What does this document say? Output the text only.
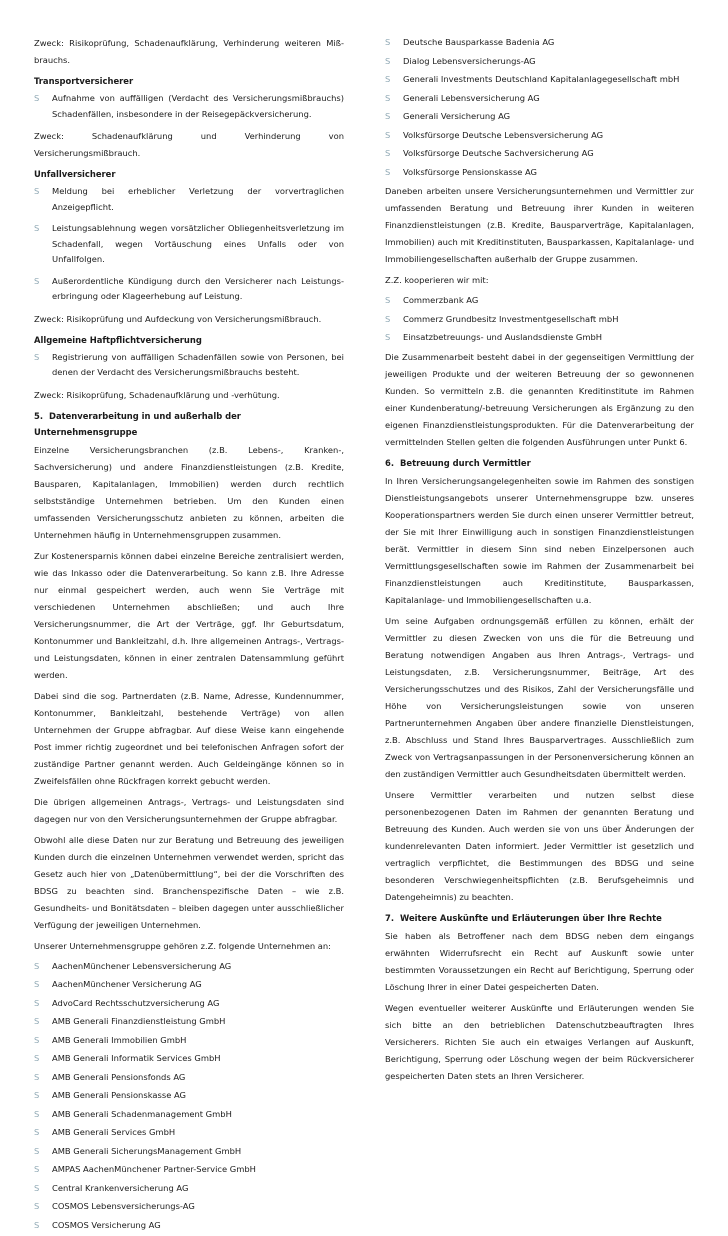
Zweck: Risikoprüfung, Schadenaufklärung, Verhinderung weiteren Mißbrauchs.

Transportversicherer
S Aufnahme von auffälligen (Verdacht des Versicherungsmißbrauchs) Schadenfällen, insbesondere in der Reisegepäckversicherung.

Zweck: Schadenaufklärung und Verhinderung von Versicherungsmißbrauch.

Unfallversicherer
S Meldung bei erheblicher Verletzung der vorvertraglichen Anzeigepflicht.
S Leistungsablehnung wegen vorsätzlicher Obliegenheitsverletzung im Schadenfall, wegen Vortäuschung eines Unfalls oder von Unfallfolgen.
S Außerordentliche Kündigung durch den Versicherer nach Leistungserbringung oder Klageerhebung auf Leistung.

Zweck: Risikoprüfung und Aufdeckung von Versicherungsmißbrauch.

Allgemeine Haftpflichtversicherung
S Registrierung von auffälligen Schadenfällen sowie von Personen, bei denen der Verdacht des Versicherungsmißbrauchs besteht.

Zweck: Risikoprüfung, Schadenaufklärung und -verhütung.

5. Datenverarbeitung in und außerhalb der Unternehmensgruppe

Einzelne Versicherungsbranchen (z.B. Lebens-, Kranken-, Sachversicherung) und andere Finanzdienstleistungen (z.B. Kredite, Bausparen, Kapitalanlagen, Immobilien) werden durch rechtlich selbstständige Unternehmen betrieben. Um den Kunden einen umfassenden Versicherungsschutz anbieten zu können, arbeiten die Unternehmen häufig in Unternehmensgruppen zusammen.

Zur Kostenersparnis können dabei einzelne Bereiche zentralisiert werden, wie das Inkasso oder die Datenverarbeitung. So kann z.B. Ihre Adresse nur einmal gespeichert werden, auch wenn Sie Verträge mit verschiedenen Unternehmen abschließen; und auch Ihre Versicherungsnummer, die Art der Verträge, ggf. Ihr Geburtsdatum, Kontonummer und Bankleitzahl, d.h. Ihre allgemeinen Antrags-, Vertrags- und Leistungsdaten, können in einer zentralen Datensammlung geführt werden.

Dabei sind die sog. Partnerdaten (z.B. Name, Adresse, Kundennummer, Kontonummer, Bankleitzahl, bestehende Verträge) von allen Unternehmen der Gruppe abfragbar. Auf diese Weise kann eingehende Post immer richtig zugeordnet und bei telefonischen Anfragen sofort der zuständige Partner genannt werden. Auch Geldeingänge können so in Zweifelsfällen ohne Rückfragen korrekt gebucht werden.

Die übrigen allgemeinen Antrags-, Vertrags- und Leistungsdaten sind dagegen nur von den Versicherungsunternehmen der Gruppe abfragbar.

Obwohl alle diese Daten nur zur Beratung und Betreuung des jeweiligen Kunden durch die einzelnen Unternehmen verwendet werden, spricht das Gesetz auch hier von „Datenübermittlung“, bei der die Vorschriften des BDSG zu beachten sind. Branchenspezifische Daten – wie z.B. Gesundheits- und Bonitätsdaten – bleiben dagegen unter ausschließlicher Verfügung der jeweiligen Unternehmen.

Unserer Unternehmensgruppe gehören z.Z. folgende Unternehmen an:

S AachenMünchener Lebensversicherung AG
S AachenMünchener Versicherung AG
S AdvoCard Rechtsschutzversicherung AG
S AMB Generali Finanzdienstleistung GmbH
S AMB Generali Immobilien GmbH
S AMB Generali Informatik Services GmbH
S AMB Generali Pensionsfonds AG
S AMB Generali Pensionskasse AG
S AMB Generali Schadenmanagement GmbH
S AMB Generali Services GmbH
S AMB Generali SicherungsManagement GmbH
S AMPAS AachenMünchener Partner-Service GmbH
S Central Krankenversicherung AG
S COSMOS Lebensversicherungs-AG
S COSMOS Versicherung AG
S Deutsche Bausparkasse Badenia AG
S Dialog Lebensversicherungs-AG
S Generali Investments Deutschland Kapitalanlagegesellschaft mbH
S Generali Lebensversicherung AG
S Generali Versicherung AG
S Volksfürsorge Deutsche Lebensversicherung AG
S Volksfürsorge Deutsche Sachversicherung AG
S Volksfürsorge Pensionskasse AG

Daneben arbeiten unsere Versicherungsunternehmen und Vermittler zur umfassenden Beratung und Betreuung ihrer Kunden in weiteren Finanzdienstleistungen (z.B. Kredite, Bausparverträge, Kapitalanlagen, Immobilien) auch mit Kreditinstituten, Bausparkassen, Kapitalanlage- und Immobiliengesellschaften außerhalb der Gruppe zusammen.

Z.Z. kooperieren wir mit:

S Commerzbank AG
S Commerz Grundbesitz Investmentgesellschaft mbH
S Einsatzbetreuungs- und Auslandsdienste GmbH

Die Zusammenarbeit besteht dabei in der gegenseitigen Vermittlung der jeweiligen Produkte und der weiteren Betreuung der so gewonnenen Kunden. So vermitteln z.B. die genannten Kreditinstitute im Rahmen einer Kundenberatung/-betreuung Versicherungen als Ergänzung zu den eigenen Finanzdienstleistungsprodukten. Für die Datenverarbeitung der vermittelnden Stellen gelten die folgenden Ausführungen unter Punkt 6.

6. Betreuung durch Vermittler

In Ihren Versicherungsangelegenheiten sowie im Rahmen des sonstigen Dienstleistungsangebots unserer Unternehmensgruppe bzw. unseres Kooperationspartners werden Sie durch einen unserer Vermittler betreut, der Sie mit Ihrer Einwilligung auch in sonstigen Finanzdienstleistungen berät. Vermittler in diesem Sinn sind neben Einzelpersonen auch Vermittlungsgesellschaften sowie im Rahmen der Zusammenarbeit bei Finanzdienstleistungen auch Kreditinstitute, Bausparkassen, Kapitalanlage- und Immobiliengesellschaften u.a.

Um seine Aufgaben ordnungsgemäß erfüllen zu können, erhält der Vermittler zu diesen Zwecken von uns die für die Betreuung und Beratung notwendigen Angaben aus Ihren Antrags-, Vertrags- und Leistungsdaten, z.B. Versicherungsnummer, Beiträge, Art des Versicherungsschutzes und des Risikos, Zahl der Versicherungsfälle und Höhe von Versicherungsleistungen sowie von unseren Partnerunternehmen Angaben über andere finanzielle Dienstleistungen, z.B. Abschluss und Stand Ihres Bausparvertrages. Ausschließlich zum Zweck von Vertragsanpassungen in der Personenversicherung können an den zuständigen Vermittler auch Gesundheitsdaten übermittelt werden.

Unsere Vermittler verarbeiten und nutzen selbst diese personenbezogenen Daten im Rahmen der genannten Beratung und Betreuung des Kunden. Auch werden sie von uns über Änderungen der kundenrelevanten Daten informiert. Jeder Vermittler ist gesetzlich und vertraglich verpflichtet, die Bestimmungen des BDSG und seine besonderen Verschwiegenheitspflichten (z.B. Berufsgeheimnis und Datengeheimnis) zu beachten.

7. Weitere Auskünfte und Erläuterungen über Ihre Rechte

Sie haben als Betroffener nach dem BDSG neben dem eingangs erwähnten Widerrufsrecht ein Recht auf Auskunft sowie unter bestimmten Voraussetzungen ein Recht auf Berichtigung, Sperrung oder Löschung Ihrer in einer Datei gespeicherten Daten.

Wegen eventueller weiterer Auskünfte und Erläuterungen wenden Sie sich bitte an den betrieblichen Datenschutzbeauftragten Ihres Versicherers. Richten Sie auch ein etwaiges Verlangen auf Auskunft, Berichtigung, Sperrung oder Löschung wegen der beim Rückversicherer gespeicherten Daten stets an Ihren Versicherer.
